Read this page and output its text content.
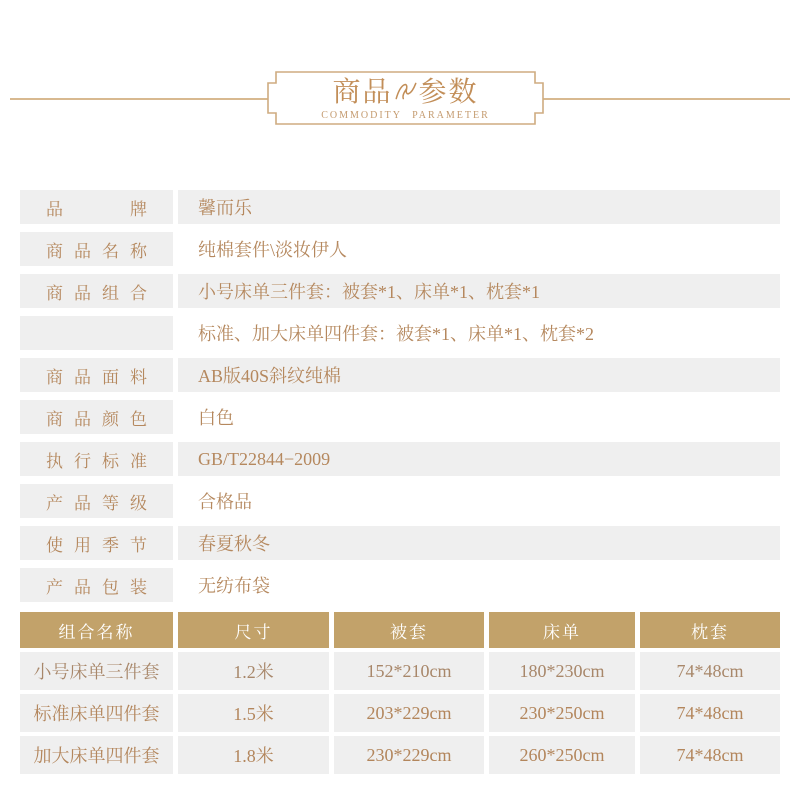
商品 参数
COMMODITY PARAMETER
品	牌	馨而乐
商 品 名 称	纯棉套件\淡妆伊人
商 品 组 合	小号床单三件套：被套*1、床单*1、枕套*1
标准、加大床单四件套：被套*1、床单*1、枕套*2
商 品 面 料	AB版40S斜纹纯棉
商 品 颜 色	白色
执 行 标 准	GB/T22844−2009
产 品 等 级	合格品
使 用 季 节	春夏秋冬
产 品 包 装	无纺布袋
组合名称	尺寸	被套	床单	枕套
小号床单三件套	1.2米	152*210cm	180*230cm	74*48cm
标准床单四件套	1.5米	203*229cm	230*250cm	74*48cm
加大床单四件套	1.8米	230*229cm	260*250cm	74*48cm
